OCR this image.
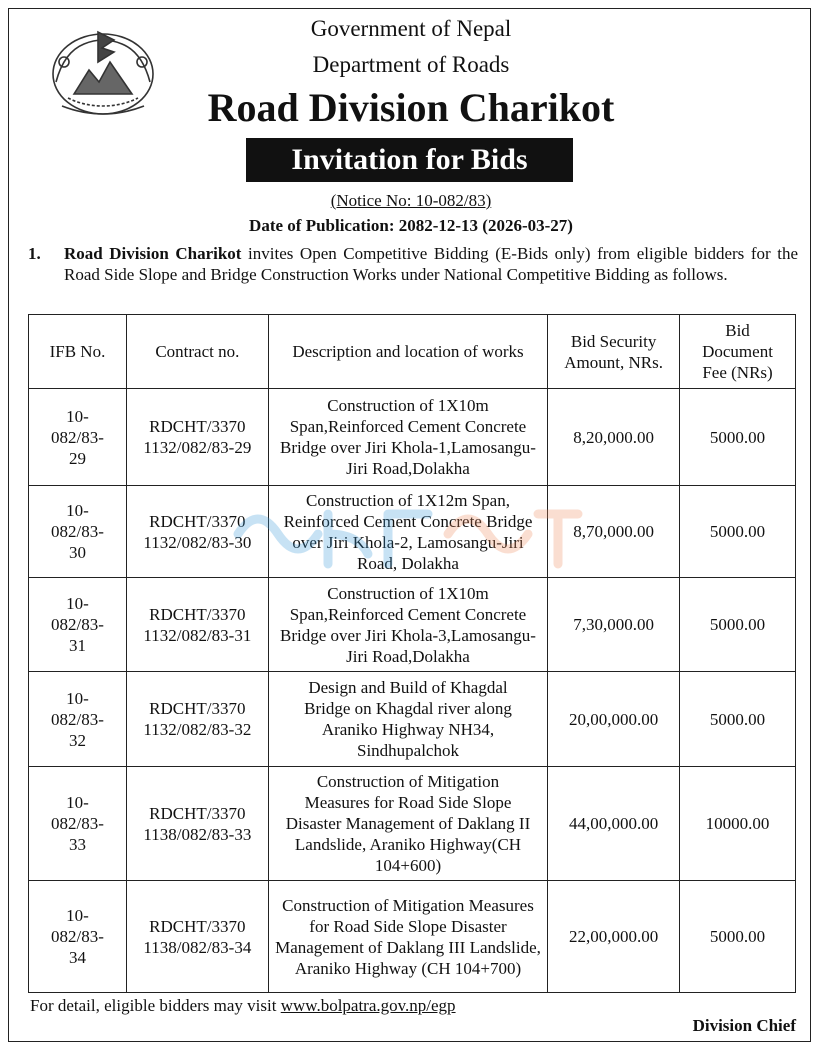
Government of Nepal
Department of Roads
Road Division Charikot
Invitation for Bids
(Notice No: 10-082/83)
Date of Publication: 2082-12-13 (2026-03-27)
1. Road Division Charikot invites Open Competitive Bidding (E-Bids only) from eligible bidders for the Road Side Slope and Bridge Construction Works under National Competitive Bidding as follows.
IFB No.	Contract no.	Description and location of works	Bid Security Amount, NRs.	Bid Document Fee (NRs)
10-082/83-29	RDCHT/3370 1132/082/83-29	Construction of 1X10m Span,Reinforced Cement Concrete Bridge over Jiri Khola-1,Lamosangu-Jiri Road,Dolakha	8,20,000.00	5000.00
10-082/83-30	RDCHT/3370 1132/082/83-30	Construction of 1X12m Span, Reinforced Cement Concrete Bridge over Jiri Khola-2, Lamosangu-Jiri Road, Dolakha	8,70,000.00	5000.00
10-082/83-31	RDCHT/3370 1132/082/83-31	Construction of 1X10m Span,Reinforced Cement Concrete Bridge over Jiri Khola-3,Lamosangu-Jiri Road,Dolakha	7,30,000.00	5000.00
10-082/83-32	RDCHT/3370 1132/082/83-32	Design and Build of Khagdal Bridge on Khagdal river along Araniko Highway NH34, Sindhupalchok	20,00,000.00	5000.00
10-082/83-33	RDCHT/3370 1138/082/83-33	Construction of Mitigation Measures for Road Side Slope Disaster Management of Daklang II Landslide, Araniko Highway(CH 104+600)	44,00,000.00	10000.00
10-082/83-34	RDCHT/3370 1138/082/83-34	Construction of Mitigation Measures for Road Side Slope Disaster Management of Daklang III Landslide, Araniko Highway (CH 104+700)	22,00,000.00	5000.00
For detail, eligible bidders may visit www.bolpatra.gov.np/egp
Division Chief
